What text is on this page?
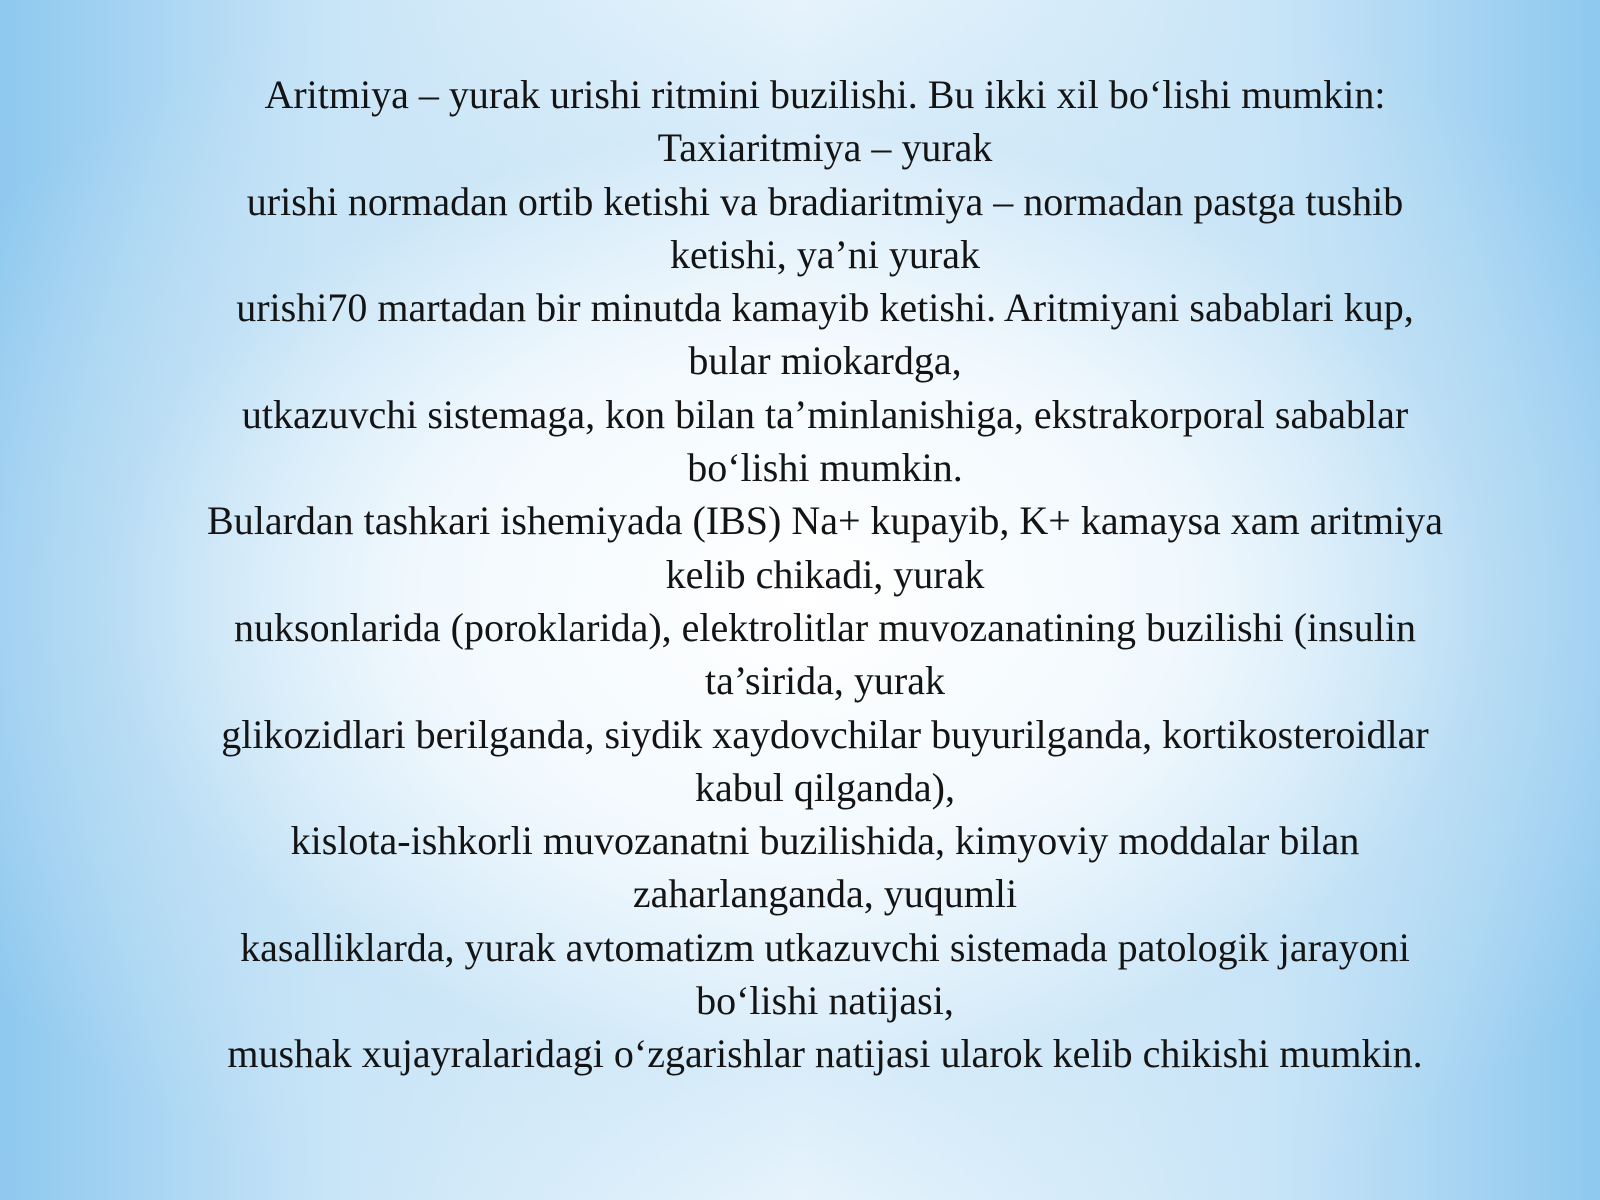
Aritmiya – yurak urishi ritmini buzilishi. Bu ikki xil bo‘lishi mumkin:
Taxiaritmiya – yurak
urishi normadan ortib ketishi va bradiaritmiya – normadan pastga tushib
ketishi, ya’ni yurak
urishi70 martadan bir minutda kamayib ketishi. Aritmiyani sabablari kup,
bular miokardga,
utkazuvchi sistemaga, kon bilan ta’minlanishiga, ekstrakorporal sabablar
bo‘lishi mumkin.
Bulardan tashkari ishemiyada (IBS) Na+ kupayib, K+ kamaysa xam aritmiya
kelib chikadi, yurak
nuksonlarida (poroklarida), elektrolitlar muvozanatining buzilishi (insulin
ta’sirida, yurak
glikozidlari berilganda, siydik xaydovchilar buyurilganda, kortikosteroidlar
kabul qilganda),
kislota-ishkorli muvozanatni buzilishida, kimyoviy moddalar bilan
zaharlanganda, yuqumli
kasalliklarda, yurak avtomatizm utkazuvchi sistemada patologik jarayoni
bo‘lishi natijasi,
mushak xujayralaridagi o‘zgarishlar natijasi ularok kelib chikishi mumkin.
